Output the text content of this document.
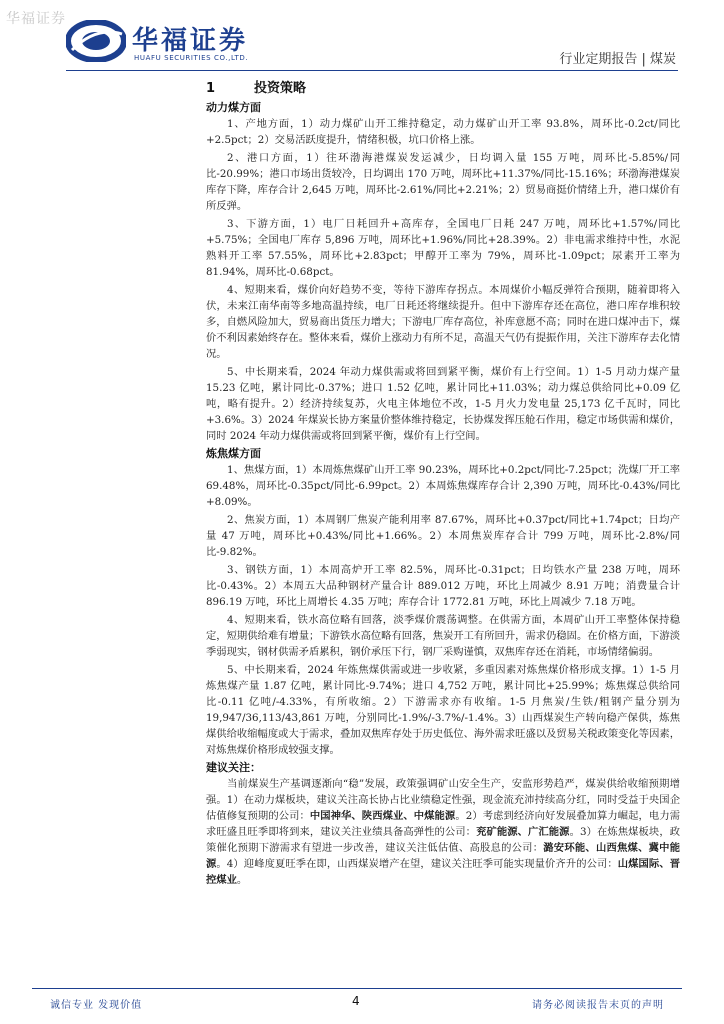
华福证券
华福证券
HUAFU SECURITIES CO.,LTD.	行业定期报告 | 煤炭
1	投资策略

动力煤方面

1、产地方面，1）动力煤矿山开工维持稳定，动力煤矿山开工率 93.8%，周环比-0.2ct/同比+2.5pct；2）交易活跃度提升，情绪积极，坑口价格上涨。

2、港口方面，1）往环渤海港煤炭发运减少，日均调入量 155 万吨，周环比-5.85%/同比-20.99%；港口市场出货较冷，日均调出 170 万吨，周环比+11.37%/同比-15.16%；环渤海港煤炭库存下降，库存合计 2,645 万吨，周环比-2.61%/同比+2.21%；2）贸易商挺价情绪上升，港口煤价有所反弹。

3、下游方面，1）电厂日耗回升+高库存，全国电厂日耗 247 万吨，周环比+1.57%/同比+5.75%；全国电厂库存 5,896 万吨，周环比+1.96%/同比+28.39%。2）非电需求维持中性，水泥熟料开工率 57.55%，周环比+2.83pct；甲醇开工率为 79%，周环比-1.09pct；尿素开工率为 81.94%，周环比-0.68pct。

4、短期来看，煤价向好趋势不变，等待下游库存拐点。本周煤价小幅反弹符合预期，随着即将入伏，未来江南华南等多地高温持续，电厂日耗还将继续提升。但中下游库存还在高位，港口库存堆积较多，自燃风险加大，贸易商出货压力增大；下游电厂库存高位，补库意愿不高；同时在进口煤冲击下，煤价不利因素始终存在。整体来看，煤价上涨动力有所不足，高温天气仍有提振作用，关注下游库存去化情况。

5、中长期来看，2024 年动力煤供需或将回到紧平衡，煤价有上行空间。1）1-5 月动力煤产量 15.23 亿吨，累计同比-0.37%；进口 1.52 亿吨，累计同比+11.03%；动力煤总供给同比+0.09 亿吨，略有提升。2）经济持续复苏，火电主体地位不改，1-5 月火力发电量 25,173 亿千瓦时，同比+3.6%。3）2024 年煤炭长协方案量价整体维持稳定，长协煤发挥压舱石作用，稳定市场供需和煤价，同时 2024 年动力煤供需或将回到紧平衡，煤价有上行空间。

炼焦煤方面

1、焦煤方面，1）本周炼焦煤矿山开工率 90.23%，周环比+0.2pct/同比-7.25pct；洗煤厂开工率 69.48%，周环比-0.35pct/同比-6.99pct。2）本周炼焦煤库存合计 2,390 万吨，周环比-0.43%/同比+8.09%。

2、焦炭方面，1）本周钢厂焦炭产能利用率 87.67%，周环比+0.37pct/同比+1.74pct；日均产量 47 万吨，周环比+0.43%/同比+1.66%。2）本周焦炭库存合计 799 万吨，周环比-2.8%/同比-9.82%。

3、钢铁方面，1）本周高炉开工率 82.5%，周环比-0.31pct；日均铁水产量 238 万吨，周环比-0.43%。2）本周五大品种钢材产量合计 889.012 万吨，环比上周减少 8.91 万吨；消费量合计 896.19 万吨，环比上周增长 4.35 万吨；库存合计 1772.81 万吨，环比上周减少 7.18 万吨。

4、短期来看，铁水高位略有回落，淡季煤价震荡调整。在供需方面，本周矿山开工率整体保持稳定，短期供给难有增量；下游铁水高位略有回落，焦炭开工有所回升，需求仍稳固。在价格方面，下游淡季弱现实，钢材供需矛盾累积，钢价承压下行，钢厂采购谨慎，双焦库存还在消耗，市场情绪偏弱。

5、中长期来看，2024 年炼焦煤供需或进一步收紧，多重因素对炼焦煤价格形成支撑。1）1-5 月炼焦煤产量 1.87 亿吨，累计同比-9.74%；进口 4,752 万吨，累计同比+25.99%；炼焦煤总供给同比-0.11 亿吨/-4.33%，有所收缩。2）下游需求亦有收缩。1-5 月焦炭/生铁/粗钢产量分别为 19,947/36,113/43,861 万吨，分别同比-1.9%/-3.7%/-1.4%。3）山西煤炭生产转向稳产保供，炼焦煤供给收缩幅度或大于需求，叠加双焦库存处于历史低位、海外需求旺盛以及贸易关税政策变化等因素，对炼焦煤价格形成较强支撑。

建议关注：

当前煤炭生产基调逐渐向“稳”发展，政策强调矿山安全生产，安监形势趋严，煤炭供给收缩预期增强。1）在动力煤板块，建议关注高长协占比业绩稳定性强，现金流充沛持续高分红，同时受益于央国企估值修复预期的公司：中国神华、陕西煤业、中煤能源。2）考虑到经济向好发展叠加算力崛起，电力需求旺盛且旺季即将到来，建议关注业绩具备高弹性的公司：兖矿能源、广汇能源。3）在炼焦煤板块，政策催化预期下游需求有望进一步改善，建议关注低估值、高股息的公司：潞安环能、山西焦煤、冀中能源。4）迎峰度夏旺季在即，山西煤炭增产在望，建议关注旺季可能实现量价齐升的公司：山煤国际、晋控煤业。

诚信专业 发现价值	4	请务必阅读报告末页的声明
